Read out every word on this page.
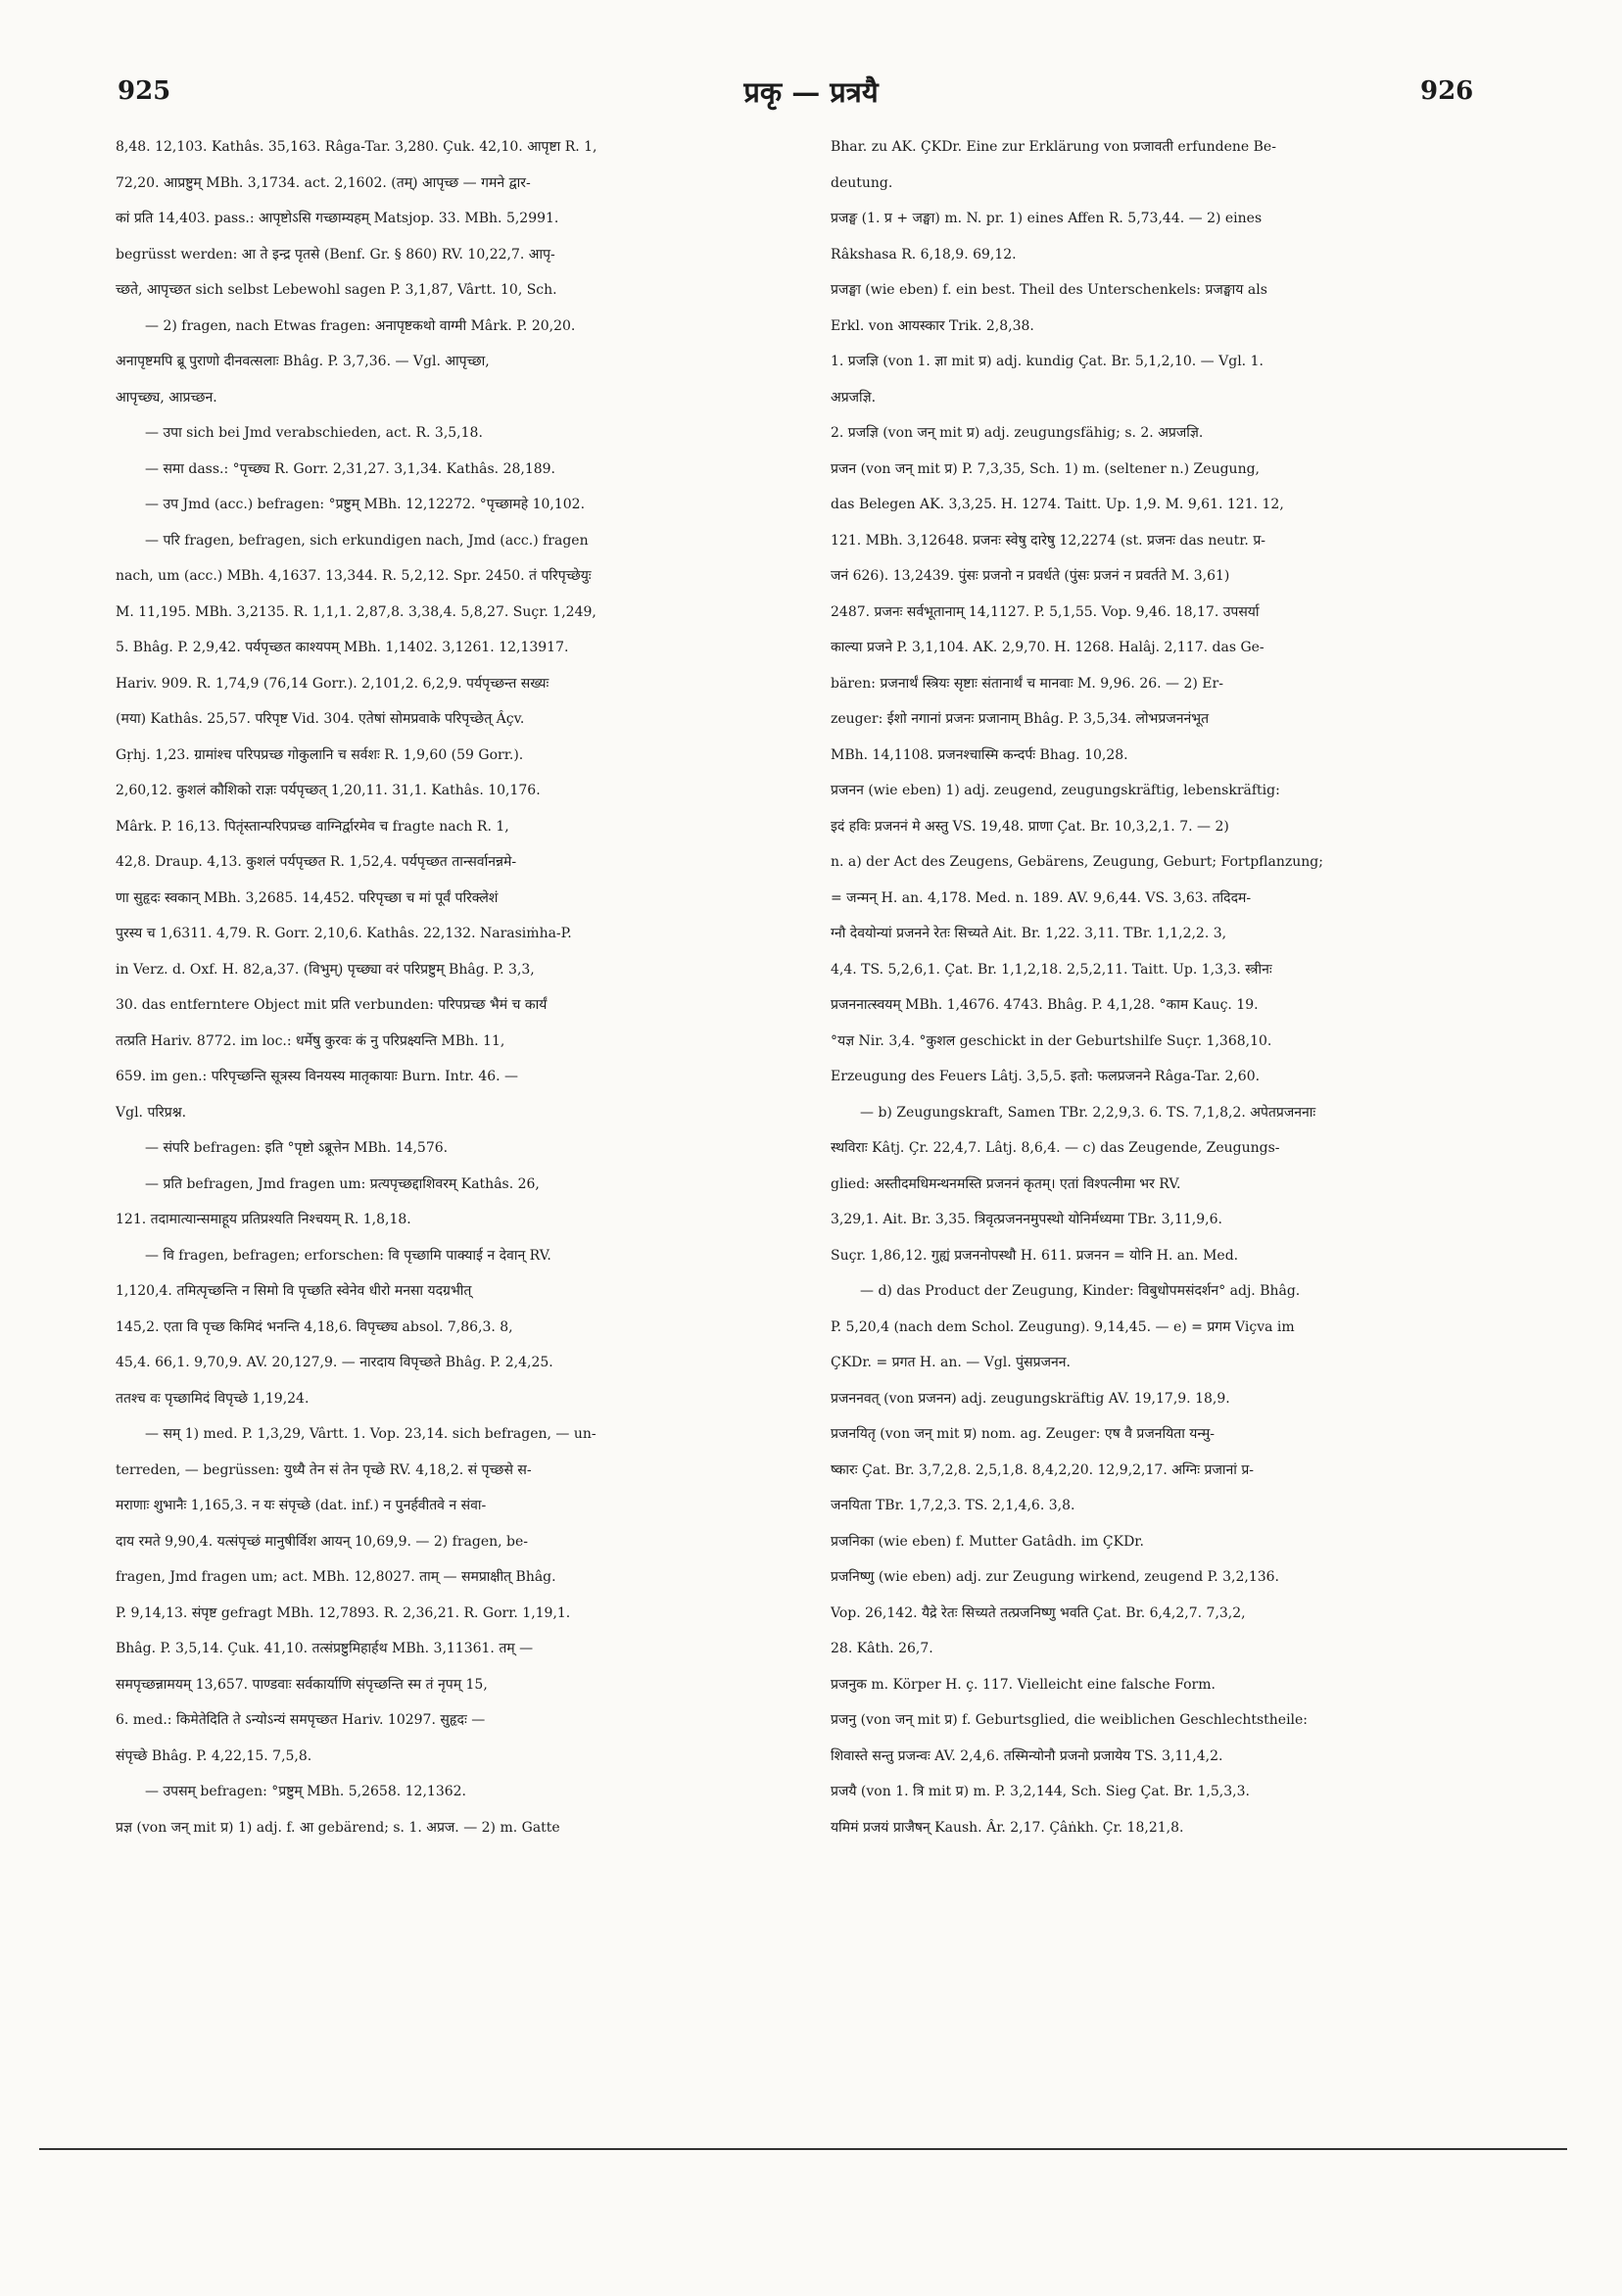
925	प्रकृ — प्रत्रयै	926
8,48. 12,103. Kathâs. 35,163. Râga-Tar. 3,280. Çuk. 42,10. आपृष्टा R. 1,
72,20. आप्रष्टुम् MBh. 3,1734. act. 2,1602. (तम्) आपृच्छ — गमने द्वार-
कां प्रति 14,403. pass.: आपृष्टोऽसि गच्छाम्यहम् Matsjop. 33. MBh. 5,2991.
begrüsst werden: आ ते इन्द्र पृतसे (Benf. Gr. § 860) RV. 10,22,7. आपृ-
च्छते, आपृच्छत sich selbst Lebewohl sagen P. 3,1,87, Vârtt. 10, Sch.
— 2) fragen, nach Etwas fragen: अनापृष्टकथो वाग्मी Mârk. P. 20,20.
अनापृष्टमपि ब्रू पुराणो दीनवत्सलाः Bhâg. P. 3,7,36. — Vgl. आपृच्छा,
आपृच्छ्य, आप्रच्छन.
— उपा sich bei Jmd verabschieden, act. R. 3,5,18.
— समा dass.: °पृच्छ्य R. Gorr. 2,31,27. 3,1,34. Kathâs. 28,189.
— उप Jmd (acc.) befragen: °प्रष्टुम् MBh. 12,12272. °पृच्छामहे 10,102.
— परि fragen, befragen, sich erkundigen nach, Jmd (acc.) fragen
nach, um (acc.) MBh. 4,1637. 13,344. R. 5,2,12. Spr. 2450. तं परिपृच्छेयुः
M. 11,195. MBh. 3,2135. R. 1,1,1. 2,87,8. 3,38,4. 5,8,27. Suçr. 1,249,
5. Bhâg. P. 2,9,42. पर्यपृच्छत काश्यपम् MBh. 1,1402. 3,1261. 12,13917.
Hariv. 909. R. 1,74,9 (76,14 Gorr.). 2,101,2. 6,2,9. पर्यपृच्छन्त सख्यः
(मया) Kathâs. 25,57. परिपृष्ट Vid. 304. एतेषां सोमप्रवाके परिपृच्छेत् Âçv.
Gṛhj. 1,23. ग्रामांश्च परिपप्रच्छ गोकुलानि च सर्वशः R. 1,9,60 (59 Gorr.).
2,60,12. कुशलं कौशिको राज्ञः पर्यपृच्छत् 1,20,11. 31,1. Kathâs. 10,176.
Mârk. P. 16,13. पितृंस्तान्परिपप्रच्छ वाग्निर्द्वारमेव च fragte nach R. 1,
42,8. Draup. 4,13. कुशलं पर्यपृच्छत R. 1,52,4. पर्यपृच्छत तान्सर्वानन्नमे-
णा सुहृदः स्वकान् MBh. 3,2685. 14,452. परिपृच्छा च मां पूर्वं परिक्लेशं
पुरस्य च 1,6311. 4,79. R. Gorr. 2,10,6. Kathâs. 22,132. Narasiṁha-P.
in Verz. d. Oxf. H. 82,a,37. (विभुम्) पृच्छ्या वरं परिप्रष्टुम् Bhâg. P. 3,3,
30. das entferntere Object mit प्रति verbunden: परिपप्रच्छ भैमं च कार्यं
तत्प्रति Hariv. 8772. im loc.: धर्मेषु कुरवः कं नु परिप्रक्ष्यन्ति MBh. 11,
659. im gen.: परिपृच्छन्ति सूत्रस्य विनयस्य मातृकायाः Burn. Intr. 46. —
Vgl. परिप्रश्न.
— संपरि befragen: इति °पृष्टो ऽब्रूत्तेन MBh. 14,576.
— प्रति befragen, Jmd fragen um: प्रत्यपृच्छद्दाशिवरम् Kathâs. 26,
121. तदामात्यान्समाहूय प्रतिप्रश्यति निश्चयम् R. 1,8,18.
— वि fragen, befragen; erforschen: वि पृच्छामि पाक्याई न देवान् RV.
1,120,4. तमित्पृच्छन्ति न सिमो वि पृच्छति स्वेनेव धीरो मनसा यदग्रभीत्
145,2. एता वि पृच्छ किमिदं भनन्ति 4,18,6. विपृच्छ्य absol. 7,86,3. 8,
45,4. 66,1. 9,70,9. AV. 20,127,9. — नारदाय विपृच्छते Bhâg. P. 2,4,25.
ततश्च वः पृच्छामिदं विपृच्छे 1,19,24.
— सम् 1) med. P. 1,3,29, Vârtt. 1. Vop. 23,14. sich befragen, — un-
terreden, — begrüssen: युध्यै तेन सं तेन पृच्छे RV. 4,18,2. सं पृच्छसे स-
मराणाः शुभानैः 1,165,3. न यः संपृच्छे (dat. inf.) न पुनर्हवीतवे न संवा-
दाय रमते 9,90,4. यत्संपृच्छं मानुषीर्विश आयन् 10,69,9. — 2) fragen, be-
fragen, Jmd fragen um; act. MBh. 12,8027. ताम् — समप्राक्षीत् Bhâg.
P. 9,14,13. संपृष्ट gefragt MBh. 12,7893. R. 2,36,21. R. Gorr. 1,19,1.
Bhâg. P. 3,5,14. Çuk. 41,10. तत्संप्रष्टुमिहार्हथ MBh. 3,11361. तम् —
समपृच्छन्नामयम् 13,657. पाण्डवाः सर्वकार्याणि संपृच्छन्ति स्म तं नृपम् 15,
6. med.: किमेतेदिति ते ऽन्योऽन्यं समपृच्छत Hariv. 10297. सुहृदः —
संपृच्छे Bhâg. P. 4,22,15. 7,5,8.
— उपसम् befragen: °प्रष्टुम् MBh. 5,2658. 12,1362.
प्रज्ञ (von जन् mit प्र) 1) adj. f. आ gebärend; s. 1. अप्रज. — 2) m. Gatte
Bhar. zu AK. ÇKDr. Eine zur Erklärung von प्रजावती erfundene Be-
deutung.
प्रजङ्घ (1. प्र + जङ्घा) m. N. pr. 1) eines Affen R. 5,73,44. — 2) eines
Râkshasa R. 6,18,9. 69,12.
प्रजङ्घा (wie eben) f. ein best. Theil des Unterschenkels: प्रजङ्घाय als
Erkl. von आयस्कार Trik. 2,8,38.
1. प्रजज्ञि (von 1. ज्ञा mit प्र) adj. kundig Çat. Br. 5,1,2,10. — Vgl. 1.
अप्रजज्ञि.
2. प्रजज्ञि (von जन् mit प्र) adj. zeugungsfähig; s. 2. अप्रजज्ञि.
प्रजन (von जन् mit प्र) P. 7,3,35, Sch. 1) m. (seltener n.) Zeugung,
das Belegen AK. 3,3,25. H. 1274. Taitt. Up. 1,9. M. 9,61. 121. 12,
121. MBh. 3,12648. प्रजनः स्वेषु दारेषु 12,2274 (st. प्रजनः das neutr. प्र-
जनं 626). 13,2439. पुंसः प्रजनो न प्रवर्धते (पुंसः प्रजनं न प्रवर्तते M. 3,61)
2487. प्रजनः सर्वभूतानाम् 14,1127. P. 5,1,55. Vop. 9,46. 18,17. उपसर्या
काल्या प्रजने P. 3,1,104. AK. 2,9,70. H. 1268. Halâj. 2,117. das Ge-
bären: प्रजनार्थं स्त्रियः सृष्टाः संतानार्थं च मानवाः M. 9,96. 26. — 2) Er-
zeuger: ईशो नगानां प्रजनः प्रजानाम् Bhâg. P. 3,5,34. लोभप्रजननंभूत
MBh. 14,1108. प्रजनश्चास्मि कन्दर्पः Bhag. 10,28.
प्रजनन (wie eben) 1) adj. zeugend, zeugungskräftig, lebenskräftig:
इदं हविः प्रजननं मे अस्तु VS. 19,48. प्राणा Çat. Br. 10,3,2,1. 7. — 2)
n. a) der Act des Zeugens, Gebärens, Zeugung, Geburt; Fortpflanzung;
= जन्मन् H. an. 4,178. Med. n. 189. AV. 9,6,44. VS. 3,63. तदिदम-
ग्नौ देवयोन्यां प्रजनने रेतः सिच्यते Ait. Br. 1,22. 3,11. TBr. 1,1,2,2. 3,
4,4. TS. 5,2,6,1. Çat. Br. 1,1,2,18. 2,5,2,11. Taitt. Up. 1,3,3. स्त्रीनः
प्रजननात्स्वयम् MBh. 1,4676. 4743. Bhâg. P. 4,1,28. °काम Kauç. 19.
°यज्ञ Nir. 3,4. °कुशल geschickt in der Geburtshilfe Suçr. 1,368,10.
Erzeugung des Feuers Lâtj. 3,5,5. इतो: फलप्रजनने Râga-Tar. 2,60.
— b) Zeugungskraft, Samen TBr. 2,2,9,3. 6. TS. 7,1,8,2. अपेतप्रजननाः
स्थविराः Kâtj. Çr. 22,4,7. Lâtj. 8,6,4. — c) das Zeugende, Zeugungs-
glied: अस्तीदमधिमन्थनमस्ति प्रजननं कृतम्। एतां विश्पत्नीमा भर RV.
3,29,1. Ait. Br. 3,35. त्रिवृत्प्रजननमुपस्थो योनिर्मध्यमा TBr. 3,11,9,6.
Suçr. 1,86,12. गुह्यं प्रजननोपस्थौ H. 611. प्रजनन = योनि H. an. Med.
— d) das Product der Zeugung, Kinder: विबुधोपमसंदर्शन° adj. Bhâg.
P. 5,20,4 (nach dem Schol. Zeugung). 9,14,45. — e) = प्रगम Viçva im
ÇKDr. = प्रगत H. an. — Vgl. पुंसप्रजनन.
प्रजननवत् (von प्रजनन) adj. zeugungskräftig AV. 19,17,9. 18,9.
प्रजनयितृ (von जन् mit प्र) nom. ag. Zeuger: एष वै प्रजनयिता यन्मु-
ष्कारः Çat. Br. 3,7,2,8. 2,5,1,8. 8,4,2,20. 12,9,2,17. अग्निः प्रजानां प्र-
जनयिता TBr. 1,7,2,3. TS. 2,1,4,6. 3,8.
प्रजनिका (wie eben) f. Mutter Gatâdh. im ÇKDr.
प्रजनिष्णु (wie eben) adj. zur Zeugung wirkend, zeugend P. 3,2,136.
Vop. 26,142. यैद्रे रेतः सिच्यते तत्प्रजनिष्णु भवति Çat. Br. 6,4,2,7. 7,3,2,
28. Kâth. 26,7.
प्रजनुक m. Körper H. ç. 117. Vielleicht eine falsche Form.
प्रजनु (von जन् mit प्र) f. Geburtsglied, die weiblichen Geschlechtstheile:
शिवास्ते सन्तु प्रजन्वः AV. 2,4,6. तस्मिन्योनौ प्रजनो प्रजायेय TS. 3,11,4,2.
प्रजयै (von 1. त्रि mit प्र) m. P. 3,2,144, Sch. Sieg Çat. Br. 1,5,3,3.
यमिमं प्रजयं प्राजैषन् Kaush. Âr. 2,17. Çâṅkh. Çr. 18,21,8.
